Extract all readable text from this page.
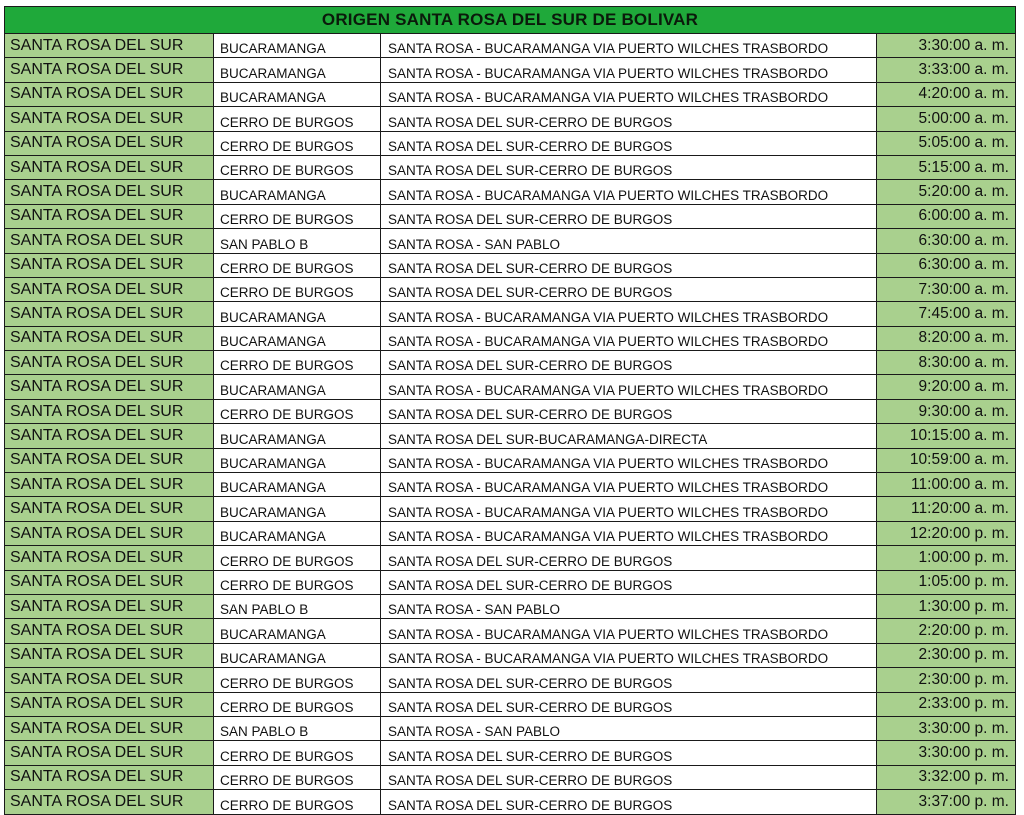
ORIGEN SANTA ROSA DEL SUR DE BOLIVAR
SANTA ROSA DEL SUR	BUCARAMANGA	SANTA ROSA - BUCARAMANGA VIA PUERTO WILCHES TRASBORDO	3:30:00 a. m.
SANTA ROSA DEL SUR	BUCARAMANGA	SANTA ROSA - BUCARAMANGA VIA PUERTO WILCHES TRASBORDO	3:33:00 a. m.
SANTA ROSA DEL SUR	BUCARAMANGA	SANTA ROSA - BUCARAMANGA VIA PUERTO WILCHES TRASBORDO	4:20:00 a. m.
SANTA ROSA DEL SUR	CERRO DE BURGOS	SANTA ROSA DEL SUR-CERRO DE BURGOS	5:00:00 a. m.
SANTA ROSA DEL SUR	CERRO DE BURGOS	SANTA ROSA DEL SUR-CERRO DE BURGOS	5:05:00 a. m.
SANTA ROSA DEL SUR	CERRO DE BURGOS	SANTA ROSA DEL SUR-CERRO DE BURGOS	5:15:00 a. m.
SANTA ROSA DEL SUR	BUCARAMANGA	SANTA ROSA - BUCARAMANGA VIA PUERTO WILCHES TRASBORDO	5:20:00 a. m.
SANTA ROSA DEL SUR	CERRO DE BURGOS	SANTA ROSA DEL SUR-CERRO DE BURGOS	6:00:00 a. m.
SANTA ROSA DEL SUR	SAN PABLO B	SANTA ROSA - SAN PABLO	6:30:00 a. m.
SANTA ROSA DEL SUR	CERRO DE BURGOS	SANTA ROSA DEL SUR-CERRO DE BURGOS	6:30:00 a. m.
SANTA ROSA DEL SUR	CERRO DE BURGOS	SANTA ROSA DEL SUR-CERRO DE BURGOS	7:30:00 a. m.
SANTA ROSA DEL SUR	BUCARAMANGA	SANTA ROSA - BUCARAMANGA VIA PUERTO WILCHES TRASBORDO	7:45:00 a. m.
SANTA ROSA DEL SUR	BUCARAMANGA	SANTA ROSA - BUCARAMANGA VIA PUERTO WILCHES TRASBORDO	8:20:00 a. m.
SANTA ROSA DEL SUR	CERRO DE BURGOS	SANTA ROSA DEL SUR-CERRO DE BURGOS	8:30:00 a. m.
SANTA ROSA DEL SUR	BUCARAMANGA	SANTA ROSA - BUCARAMANGA VIA PUERTO WILCHES TRASBORDO	9:20:00 a. m.
SANTA ROSA DEL SUR	CERRO DE BURGOS	SANTA ROSA DEL SUR-CERRO DE BURGOS	9:30:00 a. m.
SANTA ROSA DEL SUR	BUCARAMANGA	SANTA ROSA DEL SUR-BUCARAMANGA-DIRECTA	10:15:00 a. m.
SANTA ROSA DEL SUR	BUCARAMANGA	SANTA ROSA - BUCARAMANGA VIA PUERTO WILCHES TRASBORDO	10:59:00 a. m.
SANTA ROSA DEL SUR	BUCARAMANGA	SANTA ROSA - BUCARAMANGA VIA PUERTO WILCHES TRASBORDO	11:00:00 a. m.
SANTA ROSA DEL SUR	BUCARAMANGA	SANTA ROSA - BUCARAMANGA VIA PUERTO WILCHES TRASBORDO	11:20:00 a. m.
SANTA ROSA DEL SUR	BUCARAMANGA	SANTA ROSA - BUCARAMANGA VIA PUERTO WILCHES TRASBORDO	12:20:00 p. m.
SANTA ROSA DEL SUR	CERRO DE BURGOS	SANTA ROSA DEL SUR-CERRO DE BURGOS	1:00:00 p. m.
SANTA ROSA DEL SUR	CERRO DE BURGOS	SANTA ROSA DEL SUR-CERRO DE BURGOS	1:05:00 p. m.
SANTA ROSA DEL SUR	SAN PABLO B	SANTA ROSA - SAN PABLO	1:30:00 p. m.
SANTA ROSA DEL SUR	BUCARAMANGA	SANTA ROSA - BUCARAMANGA VIA PUERTO WILCHES TRASBORDO	2:20:00 p. m.
SANTA ROSA DEL SUR	BUCARAMANGA	SANTA ROSA - BUCARAMANGA VIA PUERTO WILCHES TRASBORDO	2:30:00 p. m.
SANTA ROSA DEL SUR	CERRO DE BURGOS	SANTA ROSA DEL SUR-CERRO DE BURGOS	2:30:00 p. m.
SANTA ROSA DEL SUR	CERRO DE BURGOS	SANTA ROSA DEL SUR-CERRO DE BURGOS	2:33:00 p. m.
SANTA ROSA DEL SUR	SAN PABLO B	SANTA ROSA - SAN PABLO	3:30:00 p. m.
SANTA ROSA DEL SUR	CERRO DE BURGOS	SANTA ROSA DEL SUR-CERRO DE BURGOS	3:30:00 p. m.
SANTA ROSA DEL SUR	CERRO DE BURGOS	SANTA ROSA DEL SUR-CERRO DE BURGOS	3:32:00 p. m.
SANTA ROSA DEL SUR	CERRO DE BURGOS	SANTA ROSA DEL SUR-CERRO DE BURGOS	3:37:00 p. m.
